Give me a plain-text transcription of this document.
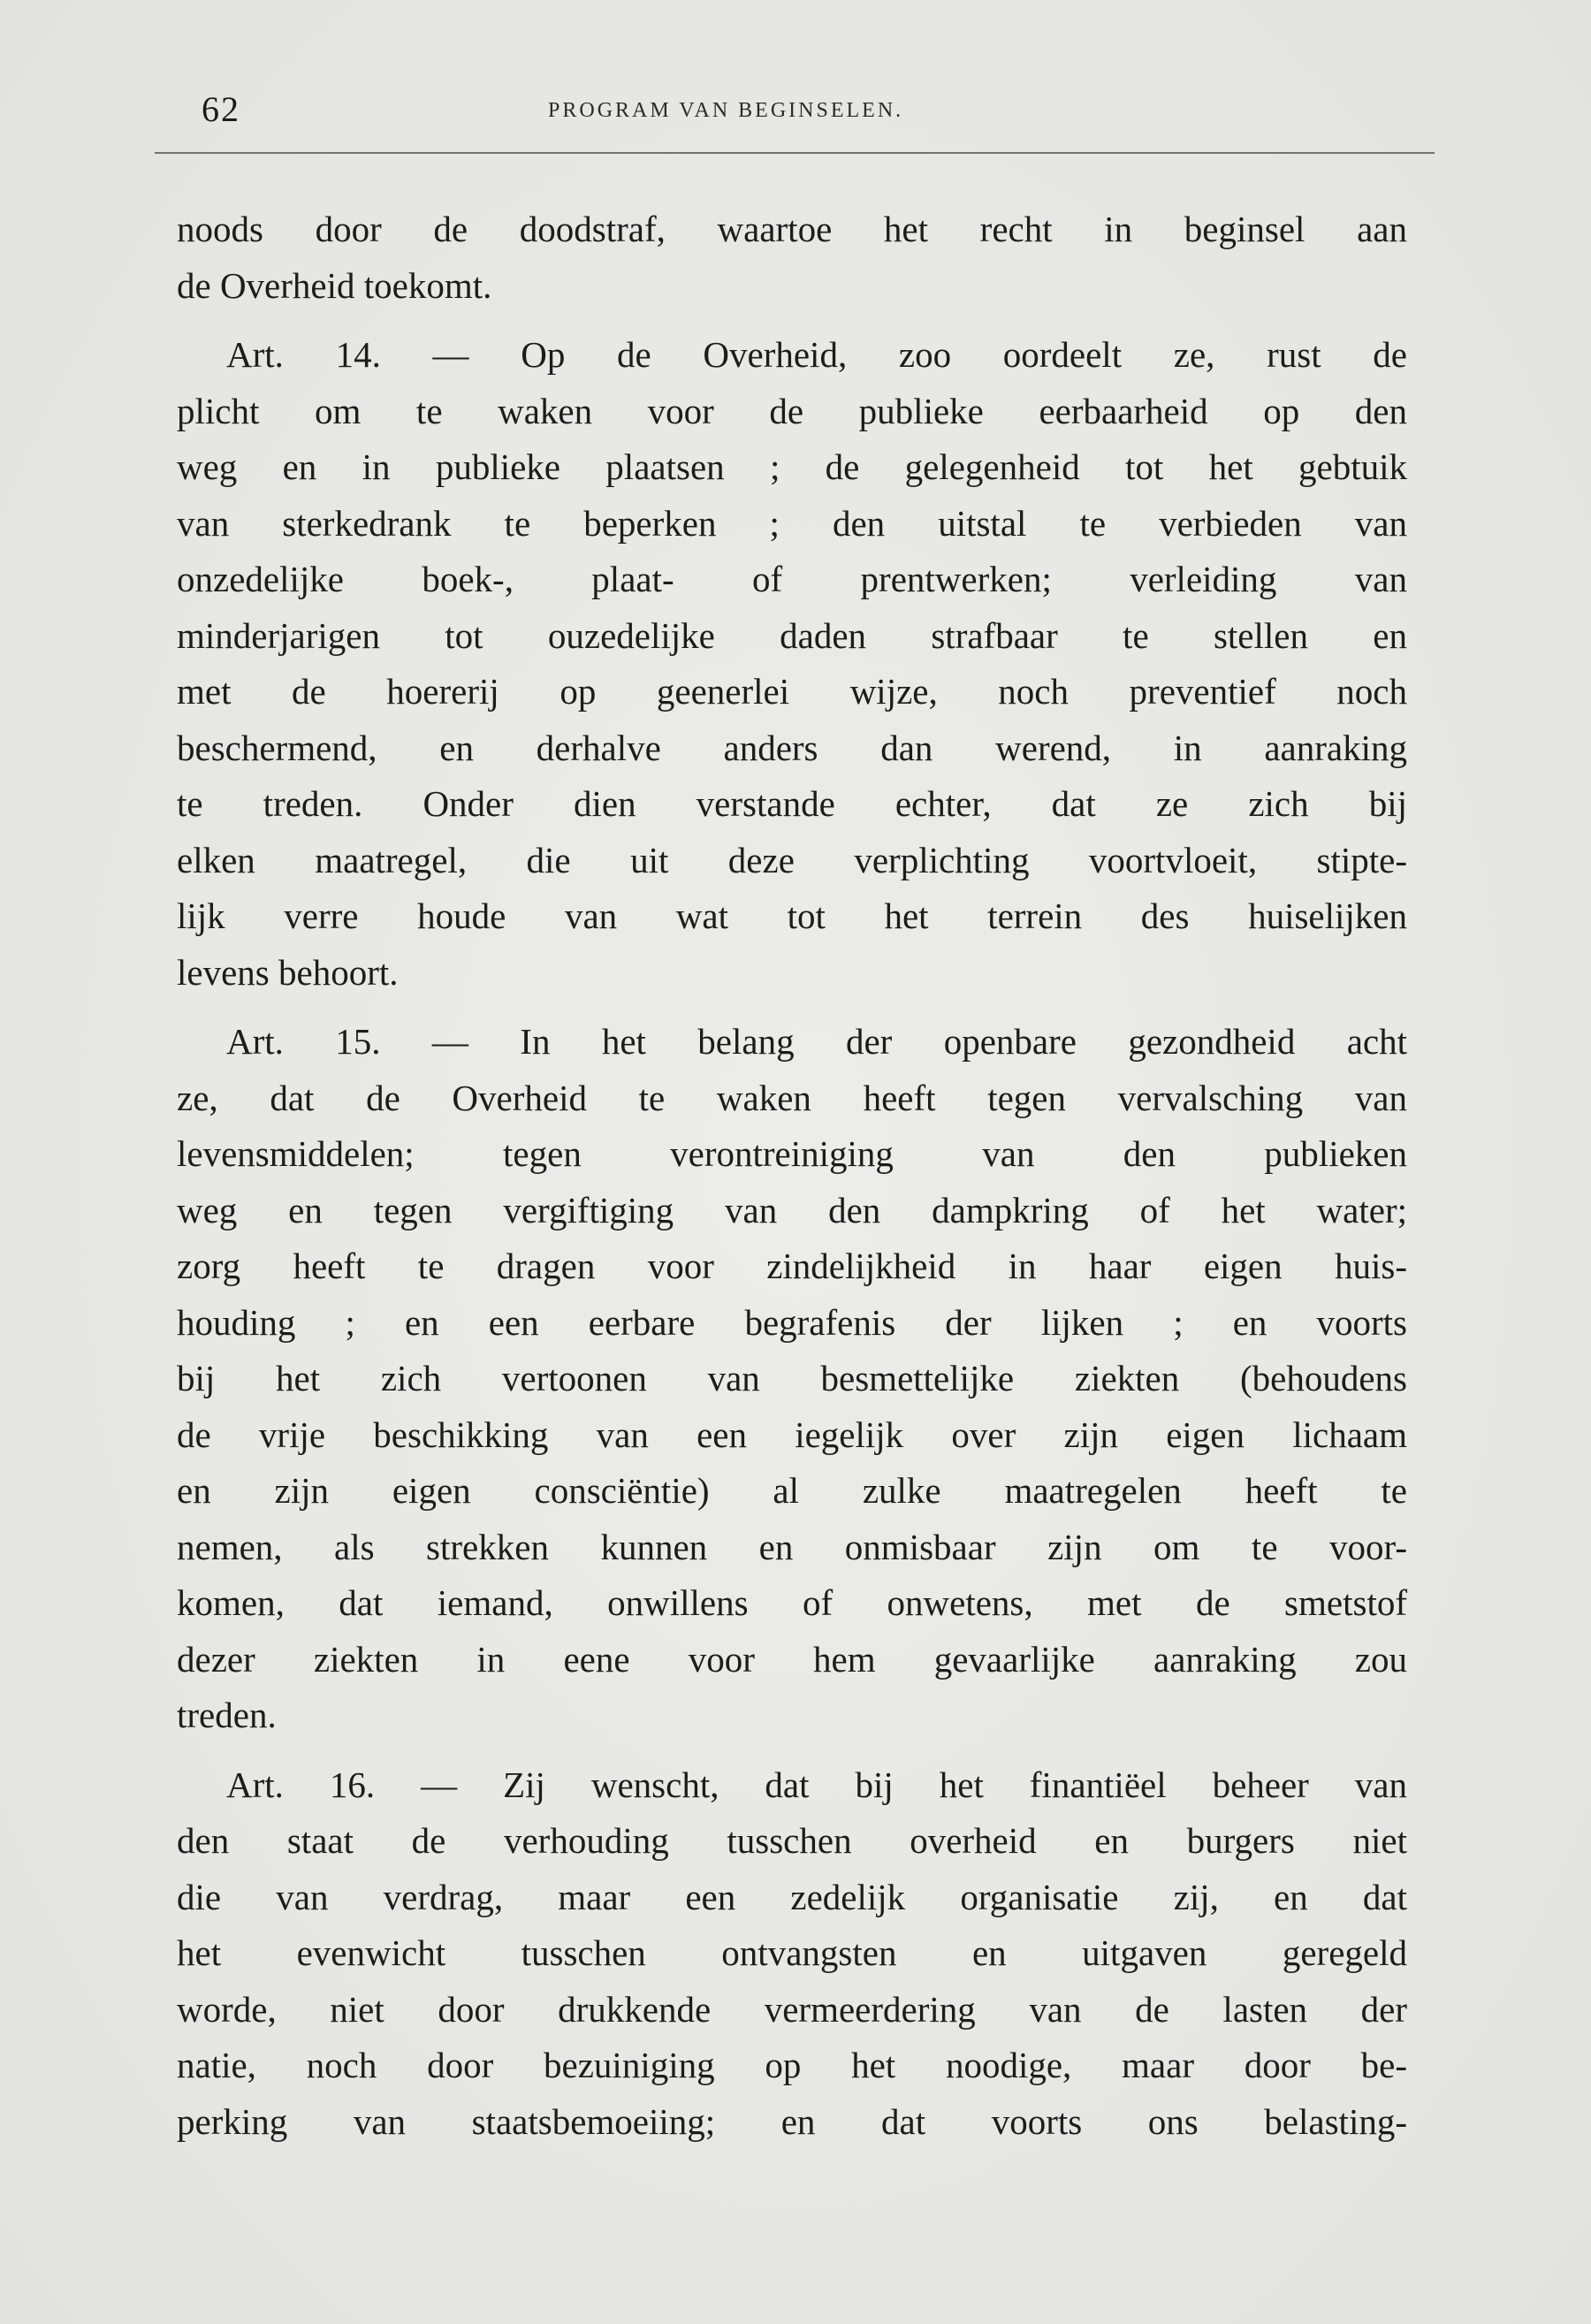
62	PROGRAM VAN BEGINSELEN.

noods door de doodstraf, waartoe het recht in beginsel aan
de Overheid toekomt.

Art. 14. — Op de Overheid, zoo oordeelt ze, rust de
plicht om te waken voor de publieke eerbaarheid op den
weg en in publieke plaatsen ; de gelegenheid tot het gebtuik
van sterkedrank te beperken ; den uitstal te verbieden van
onzedelijke boek-, plaat- of prentwerken; verleiding van
minderjarigen tot ouzedelijke daden strafbaar te stellen en
met de hoererij op geenerlei wijze, noch preventief noch
beschermend, en derhalve anders dan werend, in aanraking
te treden. Onder dien verstande echter, dat ze zich bij
elken maatregel, die uit deze verplichting voortvloeit, stipte-
lijk verre houde van wat tot het terrein des huiselijken
levens behoort.

Art. 15. — In het belang der openbare gezondheid acht
ze, dat de Overheid te waken heeft tegen vervalsching van
levensmiddelen; tegen verontreiniging van den publieken
weg en tegen vergiftiging van den dampkring of het water;
zorg heeft te dragen voor zindelijkheid in haar eigen huis-
houding ; en een eerbare begrafenis der lijken ; en voorts
bij het zich vertoonen van besmettelijke ziekten (behoudens
de vrije beschikking van een iegelijk over zijn eigen lichaam
en zijn eigen consciëntie) al zulke maatregelen heeft te
nemen, als strekken kunnen en onmisbaar zijn om te voor-
komen, dat iemand, onwillens of onwetens, met de smetstof
dezer ziekten in eene voor hem gevaarlijke aanraking zou
treden.

Art. 16. — Zij wenscht, dat bij het finantiëel beheer van
den staat de verhouding tusschen overheid en burgers niet
die van verdrag, maar een zedelijk organisatie zij, en dat
het evenwicht tusschen ontvangsten en uitgaven geregeld
worde, niet door drukkende vermeerdering van de lasten der
natie, noch door bezuiniging op het noodige, maar door be-
perking van staatsbemoeiing; en dat voorts ons belasting-
